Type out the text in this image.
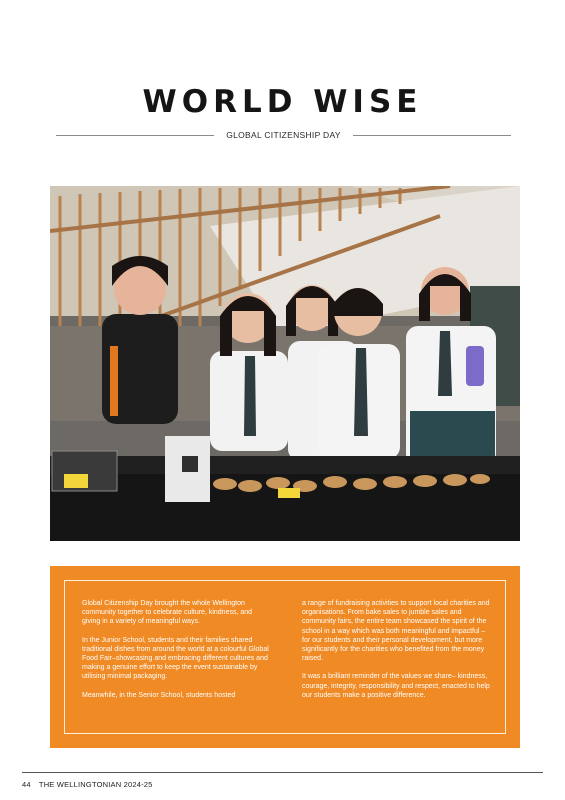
WORLD WISE
GLOBAL CITIZENSHIP DAY

Global Citizenship Day brought the whole Wellington community together to celebrate culture, kindness, and giving in a variety of meaningful ways.

In the Junior School, students and their families shared traditional dishes from around the world at a colourful Global Food Fair–showcasing and embracing different cultures and making a genuine effort to keep the event sustainable by utilising minimal packaging.

Meanwhile, in the Senior School, students hosted

a range of fundraising activities to support local charities and organisations. From bake sales to jumble sales and community fairs, the entire team showcased the spirit of the school in a way which was both meaningful and impactful – for our students and their personal development, but more significantly for the charities who benefited from the money raised.

It was a brilliant reminder of the values we share– kindness, courage, integrity, responsibility and respect, enacted to help our students make a positive difference.

44 THE WELLINGTONIAN 2024-25
